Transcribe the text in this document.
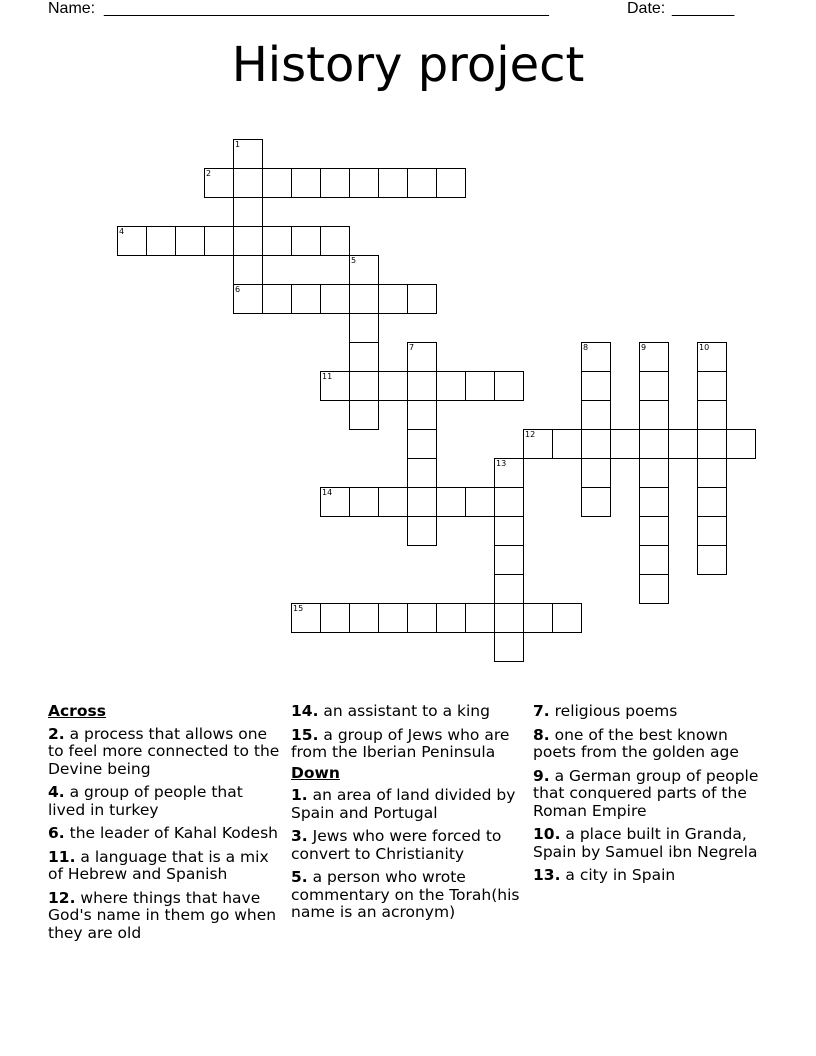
Name: __________________________________________________	Date: _______
History project
1
2
4
5
6
7	8	9	10
11
12
13
14
15
Across
2. a process that allows one to feel more connected to the Devine being
4. a group of people that lived in turkey
6. the leader of Kahal Kodesh
11. a language that is a mix of Hebrew and Spanish
12. where things that have God's name in them go when they are old
14. an assistant to a king
15. a group of Jews who are from the Iberian Peninsula
Down
1. an area of land divided by Spain and Portugal
3. Jews who were forced to convert to Christianity
5. a person who wrote commentary on the Torah(his name is an acronym)
7. religious poems
8. one of the best known poets from the golden age
9. a German group of people that conquered parts of the Roman Empire
10. a place built in Granda, Spain by Samuel ibn Negrela
13. a city in Spain
